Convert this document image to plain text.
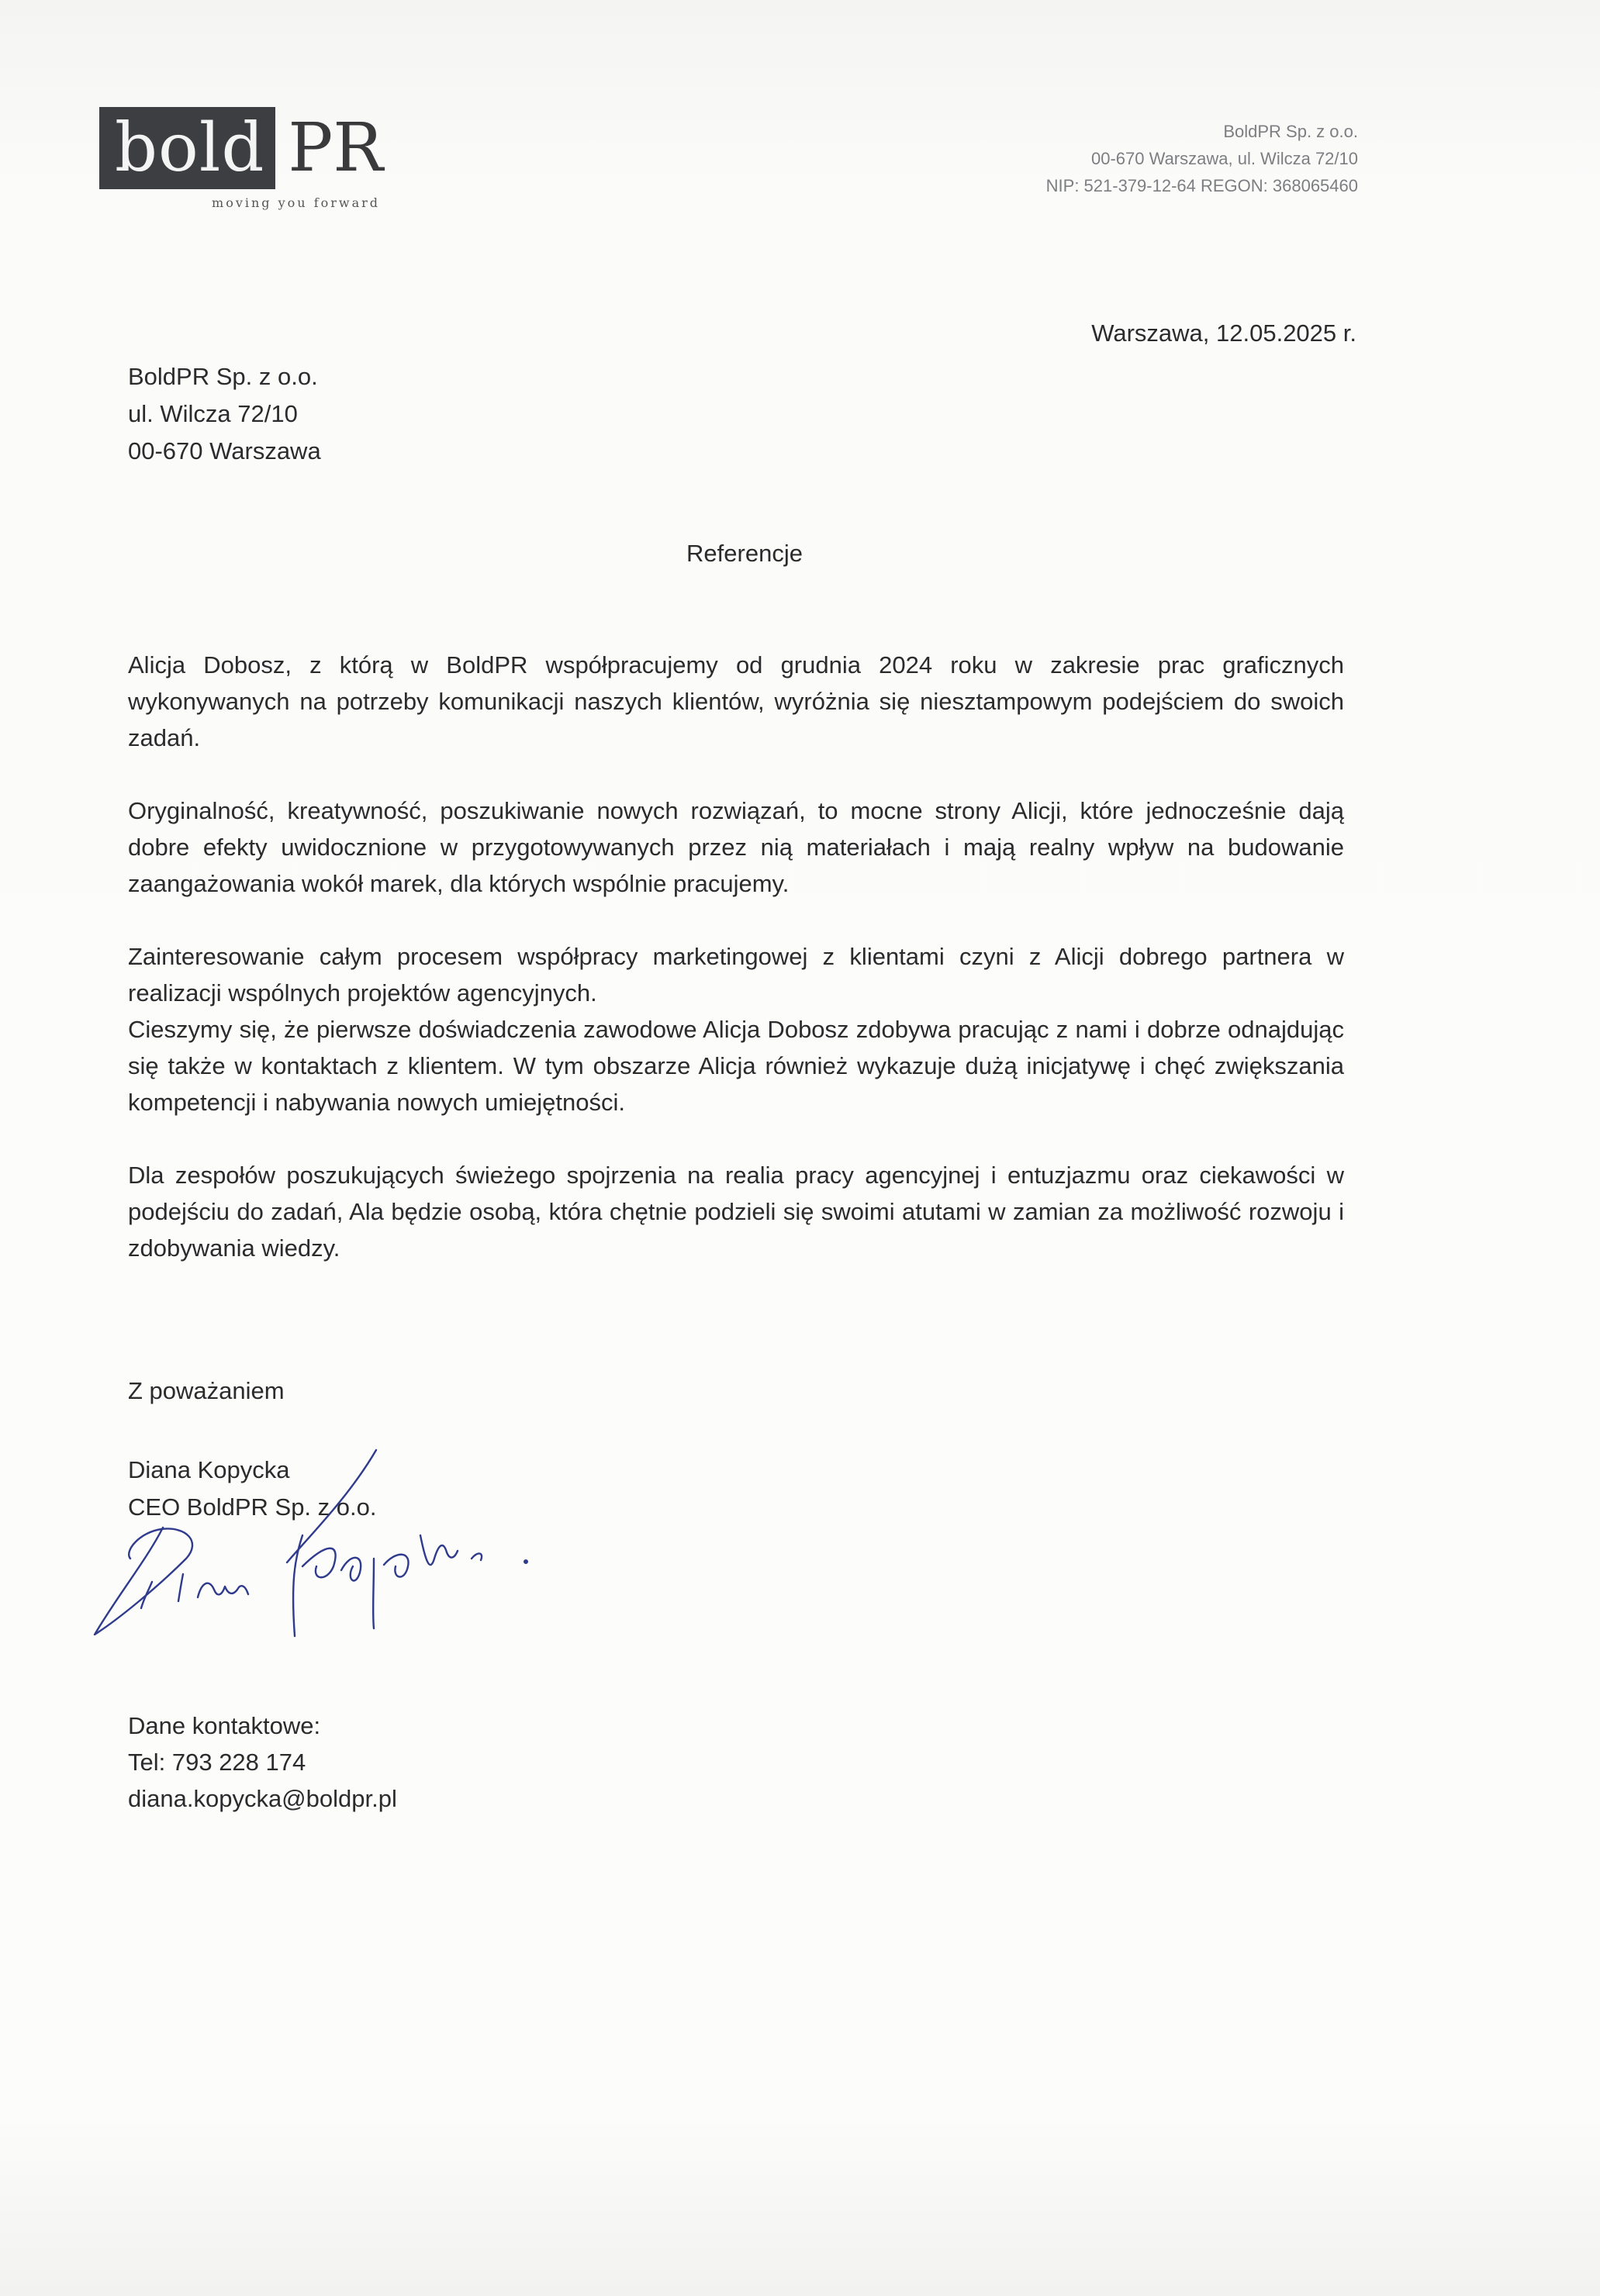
bold PR
moving you forward
BoldPR Sp. z o.o.
00-670 Warszawa, ul. Wilcza 72/10
NIP: 521-379-12-64 REGON: 368065460
Warszawa, 12.05.2025 r.
BoldPR Sp. z o.o.
ul. Wilcza 72/10
00-670 Warszawa
Referencje

Alicja Dobosz, z którą w BoldPR współpracujemy od grudnia 2024 roku w zakresie prac graficznych wykonywanych na potrzeby komunikacji naszych klientów, wyróżnia się niesztampowym podejściem do swoich zadań.

Oryginalność, kreatywność, poszukiwanie nowych rozwiązań, to mocne strony Alicji, które jednocześnie dają dobre efekty uwidocznione w przygotowywanych przez nią materiałach i mają realny wpływ na budowanie zaangażowania wokół marek, dla których wspólnie pracujemy.

Zainteresowanie całym procesem współpracy marketingowej z klientami czyni z Alicji dobrego partnera w realizacji wspólnych projektów agencyjnych.

Cieszymy się, że pierwsze doświadczenia zawodowe Alicja Dobosz zdobywa pracując z nami i dobrze odnajdując się także w kontaktach z klientem. W tym obszarze Alicja również wykazuje dużą inicjatywę i chęć zwiększania kompetencji i nabywania nowych umiejętności.

Dla zespołów poszukujących świeżego spojrzenia na realia pracy agencyjnej i entuzjazmu oraz ciekawości w podejściu do zadań, Ala będzie osobą, która chętnie podzieli się swoimi atutami w zamian za możliwość rozwoju i zdobywania wiedzy.

Z poważaniem
Diana Kopycka
CEO BoldPR Sp. z o.o.
Dane kontaktowe:
Tel: 793 228 174
diana.kopycka@boldpr.pl
